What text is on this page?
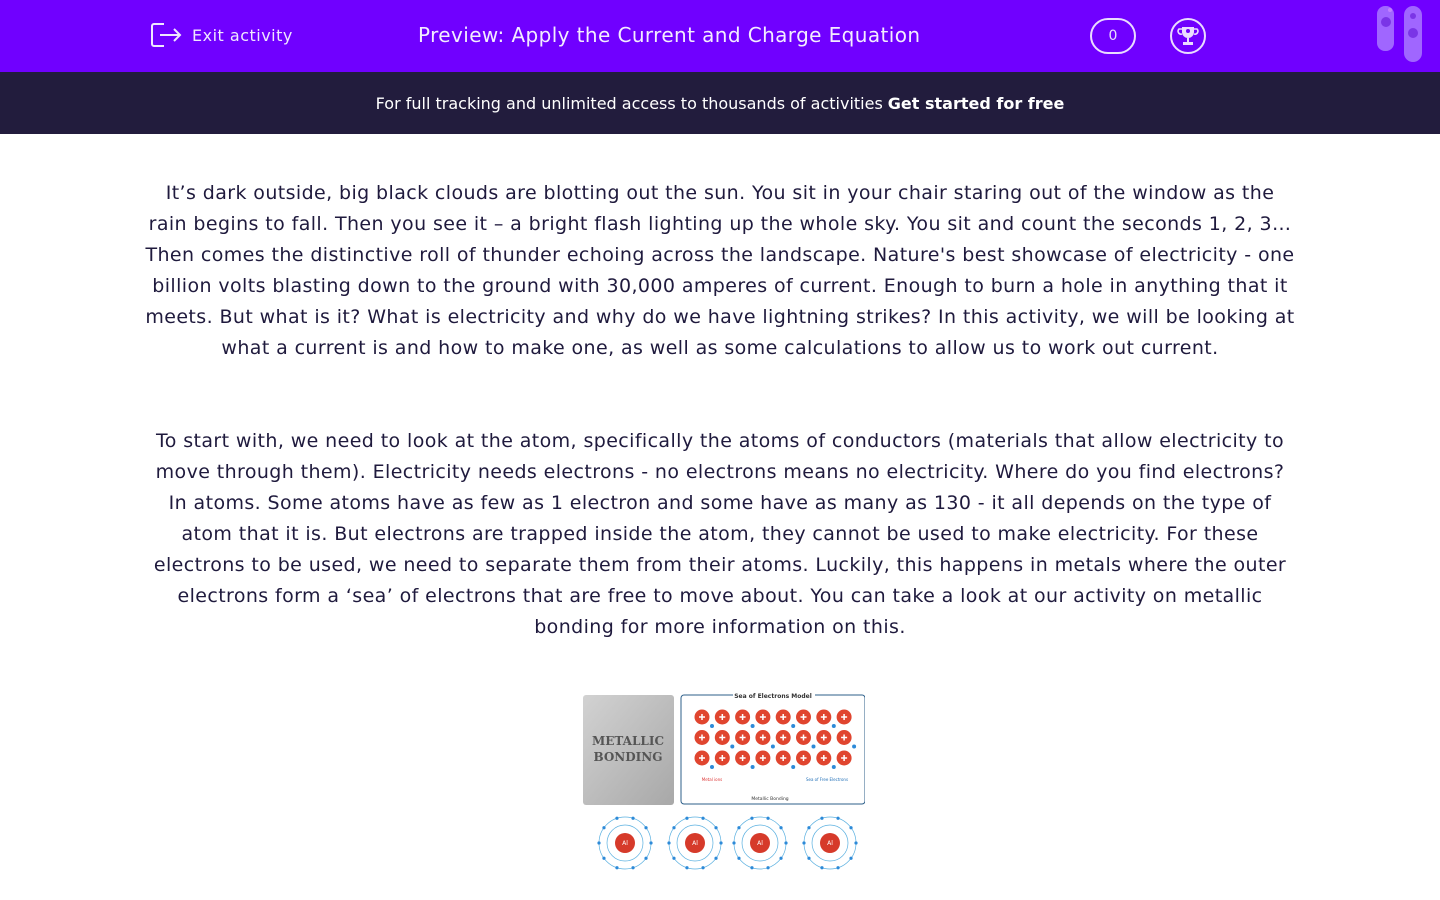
Exit activity	Preview: Apply the Current and Charge Equation	0
For full tracking and unlimited access to thousands of activities Get started for free

It’s dark outside, big black clouds are blotting out the sun. You sit in your chair staring out of the window as the rain begins to fall. Then you see it – a bright flash lighting up the whole sky. You sit and count the seconds 1, 2, 3… Then comes the distinctive roll of thunder echoing across the landscape. Nature's best showcase of electricity - one billion volts blasting down to the ground with 30,000 amperes of current. Enough to burn a hole in anything that it meets. But what is it? What is electricity and why do we have lightning strikes? In this activity, we will be looking at what a current is and how to make one, as well as some calculations to allow us to work out current.

To start with, we need to look at the atom, specifically the atoms of conductors (materials that allow electricity to move through them). Electricity needs electrons - no electrons means no electricity. Where do you find electrons? In atoms. Some atoms have as few as 1 electron and some have as many as 130 - it all depends on the type of atom that it is. But electrons are trapped inside the atom, they cannot be used to make electricity. For these electrons to be used, we need to separate them from their atoms. Luckily, this happens in metals where the outer electrons form a ‘sea’ of electrons that are free to move about. You can take a look at our activity on metallic bonding for more information on this.

METALLIC
BONDING
Sea of Electrons Model
Metal ions	Sea of Free Electrons
Metallic Bonding
Al	Al	Al	Al
